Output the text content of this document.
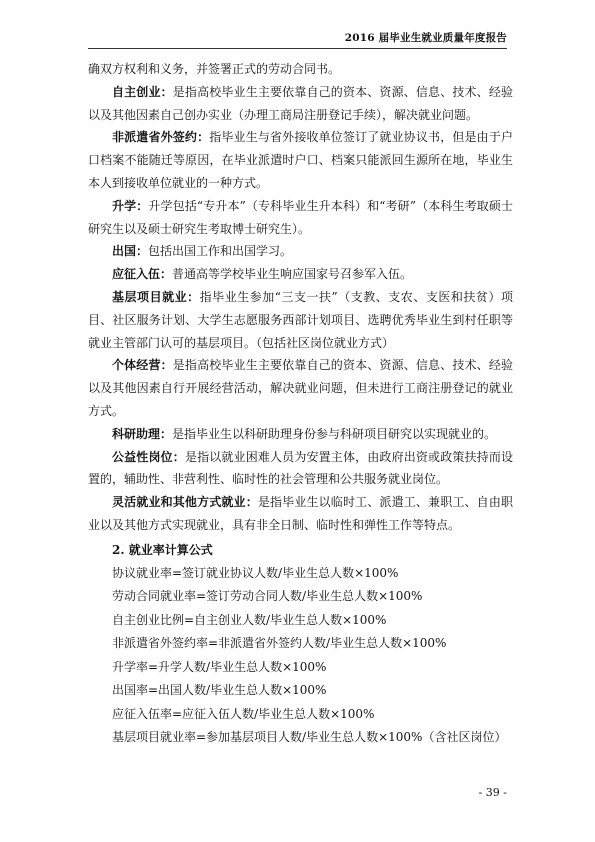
2016 届毕业生就业质量年度报告

确双方权利和义务，并签署正式的劳动合同书。

自主创业：是指高校毕业生主要依靠自己的资本、资源、信息、技术、经验以及其他因素自己创办实业（办理工商局注册登记手续），解决就业问题。

非派遣省外签约：指毕业生与省外接收单位签订了就业协议书，但是由于户口档案不能随迁等原因，在毕业派遣时户口、档案只能派回生源所在地，毕业生本人到接收单位就业的一种方式。

升学：升学包括“专升本”（专科毕业生升本科）和“考研”（本科生考取硕士研究生以及硕士研究生考取博士研究生）。

出国：包括出国工作和出国学习。

应征入伍：普通高等学校毕业生响应国家号召参军入伍。

基层项目就业：指毕业生参加“三支一扶”（支教、支农、支医和扶贫）项目、社区服务计划、大学生志愿服务西部计划项目、选聘优秀毕业生到村任职等就业主管部门认可的基层项目。（包括社区岗位就业方式）

个体经营：是指高校毕业生主要依靠自己的资本、资源、信息、技术、经验以及其他因素自行开展经营活动，解决就业问题，但未进行工商注册登记的就业方式。

科研助理：是指毕业生以科研助理身份参与科研项目研究以实现就业的。

公益性岗位：是指以就业困难人员为安置主体，由政府出资或政策扶持而设置的，辅助性、非营利性、临时性的社会管理和公共服务就业岗位。

灵活就业和其他方式就业：是指毕业生以临时工、派遣工、兼职工、自由职业以及其他方式实现就业，具有非全日制、临时性和弹性工作等特点。

2. 就业率计算公式

协议就业率=签订就业协议人数/毕业生总人数×100%

劳动合同就业率=签订劳动合同人数/毕业生总人数×100%

自主创业比例=自主创业人数/毕业生总人数×100%

非派遣省外签约率=非派遣省外签约人数/毕业生总人数×100%

升学率=升学人数/毕业生总人数×100%

出国率=出国人数/毕业生总人数×100%

应征入伍率=应征入伍人数/毕业生总人数×100%

基层项目就业率=参加基层项目人数/毕业生总人数×100%（含社区岗位）

- 39 -
